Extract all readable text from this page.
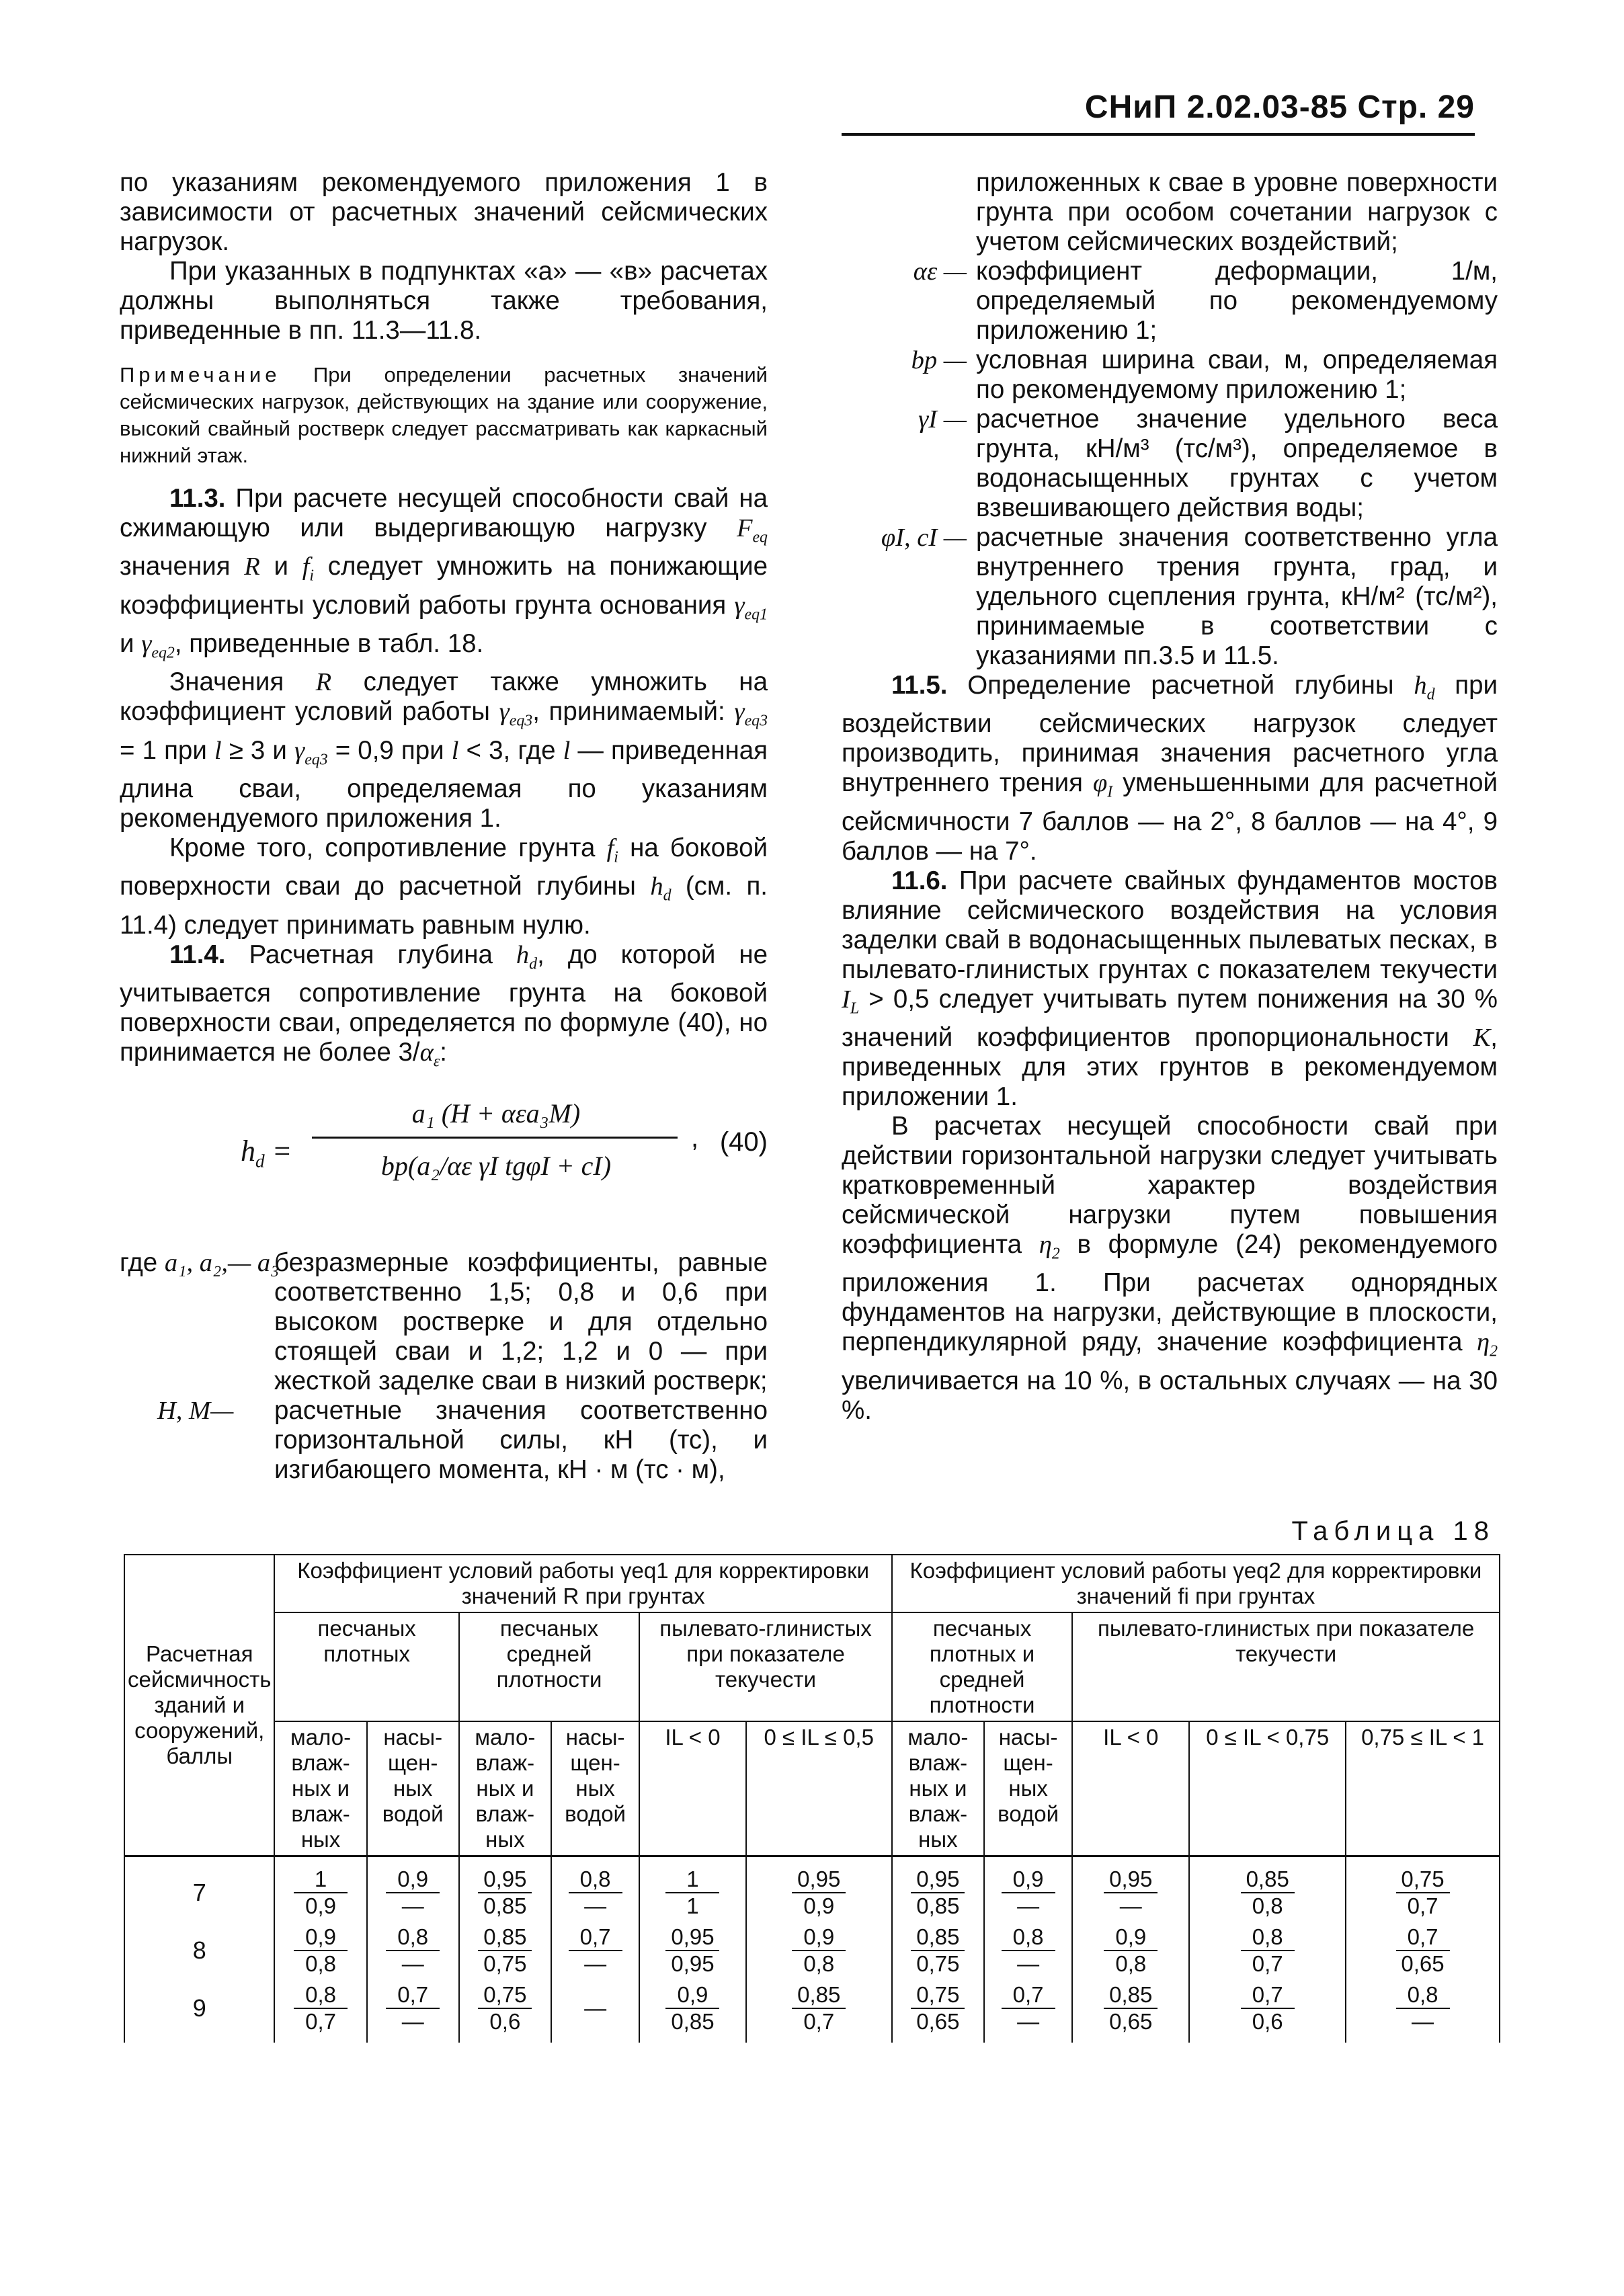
СНиП 2.02.03-85 Стр. 29

по указаниям рекомендуемого приложения 1 в зависимости от расчетных значений сейсмических нагрузок.

При указанных в подпунктах «а» — «в» расчетах должны выполняться также требования, приведенные в пп. 11.3—11.8.

Примечание При определении расчетных значений сейсмических нагрузок, действующих на здание или сооружение, высокий свайный ростверк следует рассматривать как каркасный нижний этаж.

11.3. При расчете несущей способности свай на сжимающую или выдергивающую нагрузку $F_{eq}$ значения R и $f_i$ следует умножить на понижающие коэффициенты условий работы грунта основания $\gamma_{eq1}$ и $\gamma_{eq2}$, приведенные в табл. 18.

Значения R следует также умножить на коэффициент условий работы $\gamma_{eq3}$, принимаемый: $\gamma_{eq3} = 1$ при l ≥ 3 и $\gamma_{eq3} = 0,9$ при l < 3, где l — приведенная длина сваи, определяемая по указаниям рекомендуемого приложения 1.

Кроме того, сопротивление грунта $f_i$ на боковой поверхности сваи до расчетной глубины $h_d$ (см. п. 11.4) следует принимать равным нулю.

11.4. Расчетная глубина $h_d$, до которой не учитывается сопротивление грунта на боковой поверхности сваи, определяется по формуле (40), но принимается не более $3/\alpha_\varepsilon$:

$h_d$ =
a₁ (H + αεa₃M)
bp(a₂/αε γI tgφI + cI)
, (40)
где a₁, a₂,— a₃
безразмерные коэффициенты, равные соответственно 1,5; 0,8 и 0,6 при высоком ростверке и для отдельно стоящей сваи и 1,2; 1,2 и 0 — при жесткой заделке сваи в низкий ростверк;
H, M—	расчетные значения соответственно горизонтальной силы, кН (тс), и изгибающего момента, кН · м (тс · м),
приложенных к свае в уровне поверхности грунта при особом сочетании нагрузок с учетом сейсмических воздействий;
αε — коэффициент деформации, 1/м, определяемый по рекомендуемому приложению 1;
bp — условная ширина сваи, м, определяемая по рекомендуемому приложению 1;
γI — расчетное значение удельного веса грунта, кН/м³ (тс/м³), определяемое в водонасыщенных грунтах с учетом взвешивающего действия воды;
φI, cI — расчетные значения соответственно угла внутреннего трения грунта, град, и удельного сцепления грунта, кН/м² (тс/м²), принимаемые в соответствии с указаниями пп.3.5 и 11.5.

11.5. Определение расчетной глубины $h_d$ при воздействии сейсмических нагрузок следует производить, принимая значения расчетного угла внутреннего трения $\varphi_I$ уменьшенными для расчетной сейсмичности 7 баллов — на 2°, 8 баллов — на 4°, 9 баллов — на 7°.

11.6. При расчете свайных фундаментов мостов влияние сейсмического воздействия на условия заделки свай в водонасыщенных пылеватых песках, в пылевато-глинистых грунтах с показателем текучести $I_L > 0,5$ следует учитывать путем понижения на 30 % значений коэффициентов пропорциональности K, приведенных для этих грунтов в рекомендуемом приложении 1.

В расчетах несущей способности свай при действии горизонтальной нагрузки следует учитывать кратковременный характер воздействия сейсмической нагрузки путем повышения коэффициента $\eta_2$ в формуле (24) рекомендуемого приложения 1. При расчетах однорядных фундаментов на нагрузки, действующие в плоскости, перпендикулярной ряду, значение коэффициента $\eta_2$ увеличивается на 10 %, в остальных случаях — на 30 %.

Таблица 18
Расчетная сейсмичность зданий и сооружений, баллы	Коэффициент условий работы γeq1 для корректировки значений R при грунтах						Коэффициент условий работы γeq2 для корректировки значений fi при грунтах				
	песчаных плотных		песчаных средней плотности		пылевато-глинистых при показателе текучести		песчаных плотных и средней плотности		пылевато-глинистых при показателе текучести		
	мало-влаж-ных и влаж-ных	насы-щен-ных водой	мало-влаж-ных и влаж-ных	насы-щен-ных водой	IL < 0	0 ≤ IL ≤ 0,5	мало-влаж-ных и влаж-ных	насы-щен-ных водой	IL < 0	0 ≤ IL < 0,75	0,75 ≤ IL < 1
7	$\frac{1}{0,9}$	$\frac{0,9}{—}$	$\frac{0,95}{0,85}$	$\frac{0,8}{—}$	$\frac{1}{1}$	$\frac{0,95}{0,9}$	$\frac{0,95}{0,85}$	$\frac{0,9}{—}$	$\frac{0,95}{—}$	$\frac{0,85}{0,8}$	$\frac{0,75}{0,7}$

8	$\frac{0,9}{0,8}$	$\frac{0,8}{—}$	$\frac{0,85}{0,75}$	$\frac{0,7}{—}$	$\frac{0,95}{0,95}$	$\frac{0,9}{0,8}$	$\frac{0,85}{0,75}$	$\frac{0,8}{—}$	$\frac{0,9}{0,8}$	$\frac{0,8}{0,7}$	$\frac{0,7}{0,65}$

9	$\frac{0,8}{0,7}$	$\frac{0,7}{—}$	$\frac{0,75}{0,6}$	—	$\frac{0,9}{0,85}$	$\frac{0,85}{0,7}$	$\frac{0,75}{0,65}$	$\frac{0,7}{—}$	$\frac{0,85}{0,65}$	$\frac{0,7}{0,6}$	$\frac{0,8}{—}$
